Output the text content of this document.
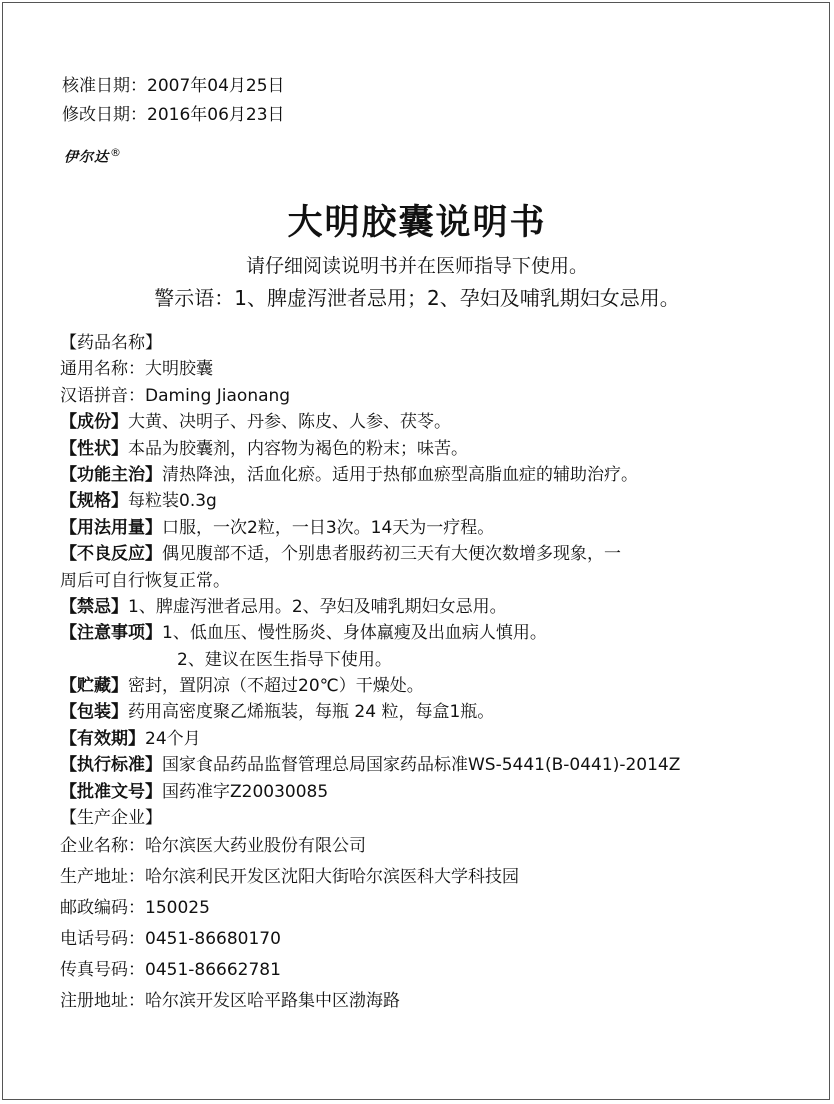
核准日期：2007年04月25日
修改日期：2016年06月23日
伊尔达®
大明胶囊说明书
请仔细阅读说明书并在医师指导下使用。
警示语：1、脾虚泻泄者忌用；2、孕妇及哺乳期妇女忌用。
【药品名称】
通用名称：大明胶囊
汉语拼音：Daming Jiaonang
【成份】大黄、决明子、丹参、陈皮、人参、茯苓。
【性状】本品为胶囊剂，内容物为褐色的粉末；味苦。
【功能主治】清热降浊，活血化瘀。适用于热郁血瘀型高脂血症的辅助治疗。
【规格】每粒装0.3g
【用法用量】口服，一次2粒，一日3次。14天为一疗程。
【不良反应】偶见腹部不适，个别患者服药初三天有大便次数增多现象，一
周后可自行恢复正常。
【禁忌】1、脾虚泻泄者忌用。2、孕妇及哺乳期妇女忌用。
【注意事项】1、低血压、慢性肠炎、身体羸瘦及出血病人慎用。
2、建议在医生指导下使用。
【贮藏】密封，置阴凉（不超过20℃）干燥处。
【包装】药用高密度聚乙烯瓶装，每瓶 24 粒，每盒1瓶。
【有效期】24个月
【执行标准】国家食品药品监督管理总局国家药品标准WS-5441(B-0441)-2014Z
【批准文号】国药准字Z20030085
【生产企业】
企业名称：哈尔滨医大药业股份有限公司
生产地址：哈尔滨利民开发区沈阳大街哈尔滨医科大学科技园
邮政编码：150025
电话号码：0451-86680170
传真号码：0451-86662781
注册地址：哈尔滨开发区哈平路集中区渤海路
